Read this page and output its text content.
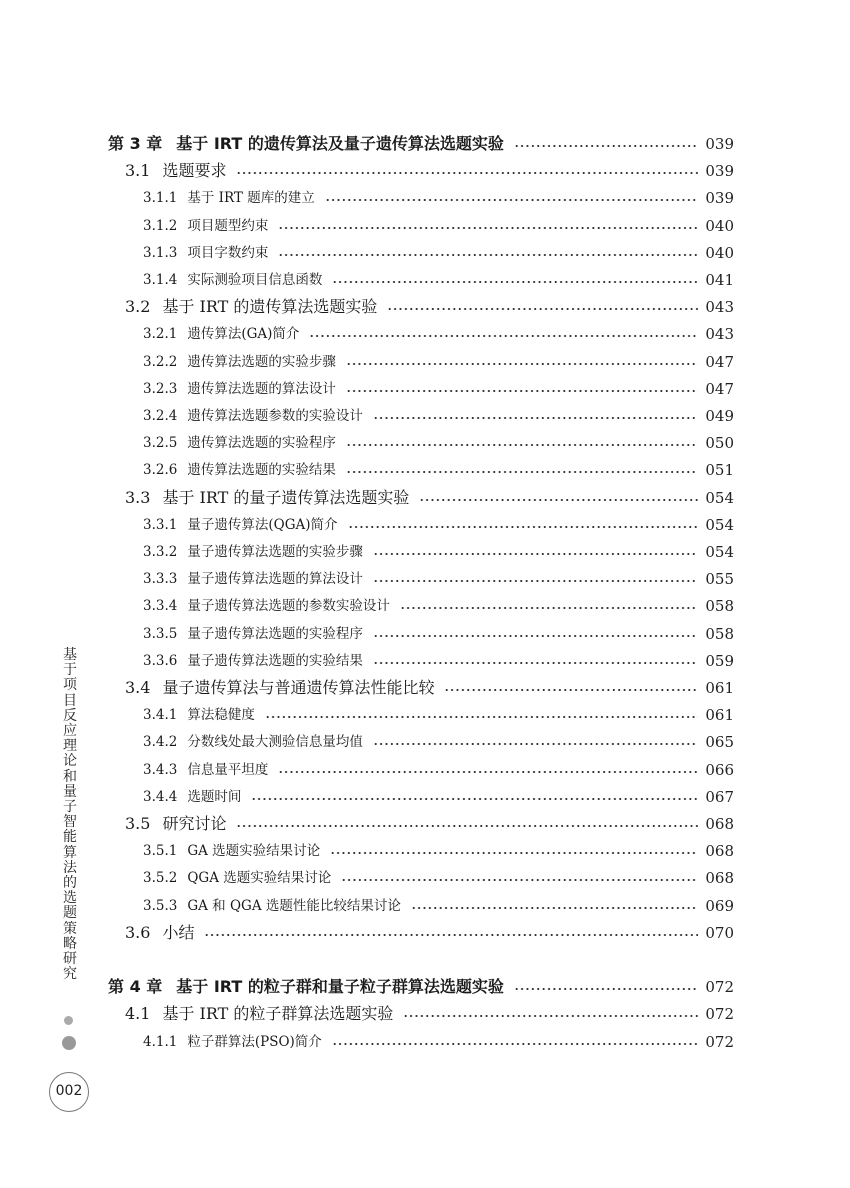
第 3 章 基于 IRT 的遗传算法及量子遗传算法选题实验	039
3.1 选题要求	039
3.1.1 基于 IRT 题库的建立	039
3.1.2 项目题型约束	040
3.1.3 项目字数约束	040
3.1.4 实际测验项目信息函数	041
3.2 基于 IRT 的遗传算法选题实验	043
3.2.1 遗传算法(GA)简介	043
3.2.2 遗传算法选题的实验步骤	047
3.2.3 遗传算法选题的算法设计	047
3.2.4 遗传算法选题参数的实验设计	049
3.2.5 遗传算法选题的实验程序	050
3.2.6 遗传算法选题的实验结果	051
3.3 基于 IRT 的量子遗传算法选题实验	054
3.3.1 量子遗传算法(QGA)简介	054
3.3.2 量子遗传算法选题的实验步骤	054
3.3.3 量子遗传算法选题的算法设计	055
3.3.4 量子遗传算法选题的参数实验设计	058
3.3.5 量子遗传算法选题的实验程序	058
3.3.6 量子遗传算法选题的实验结果	059
3.4 量子遗传算法与普通遗传算法性能比较	061
3.4.1 算法稳健度	061
3.4.2 分数线处最大测验信息量均值	065
3.4.3 信息量平坦度	066
3.4.4 选题时间	067
3.5 研究讨论	068
3.5.1 GA 选题实验结果讨论	068
3.5.2 QGA 选题实验结果讨论	068
3.5.3 GA 和 QGA 选题性能比较结果讨论	069
3.6 小结	070
第 4 章 基于 IRT 的粒子群和量子粒子群算法选题实验	072
4.1 基于 IRT 的粒子群算法选题实验	072
4.1.1 粒子群算法(PSO)简介	072
基于项目反应理论和量子智能算法的选题策略研究
002
